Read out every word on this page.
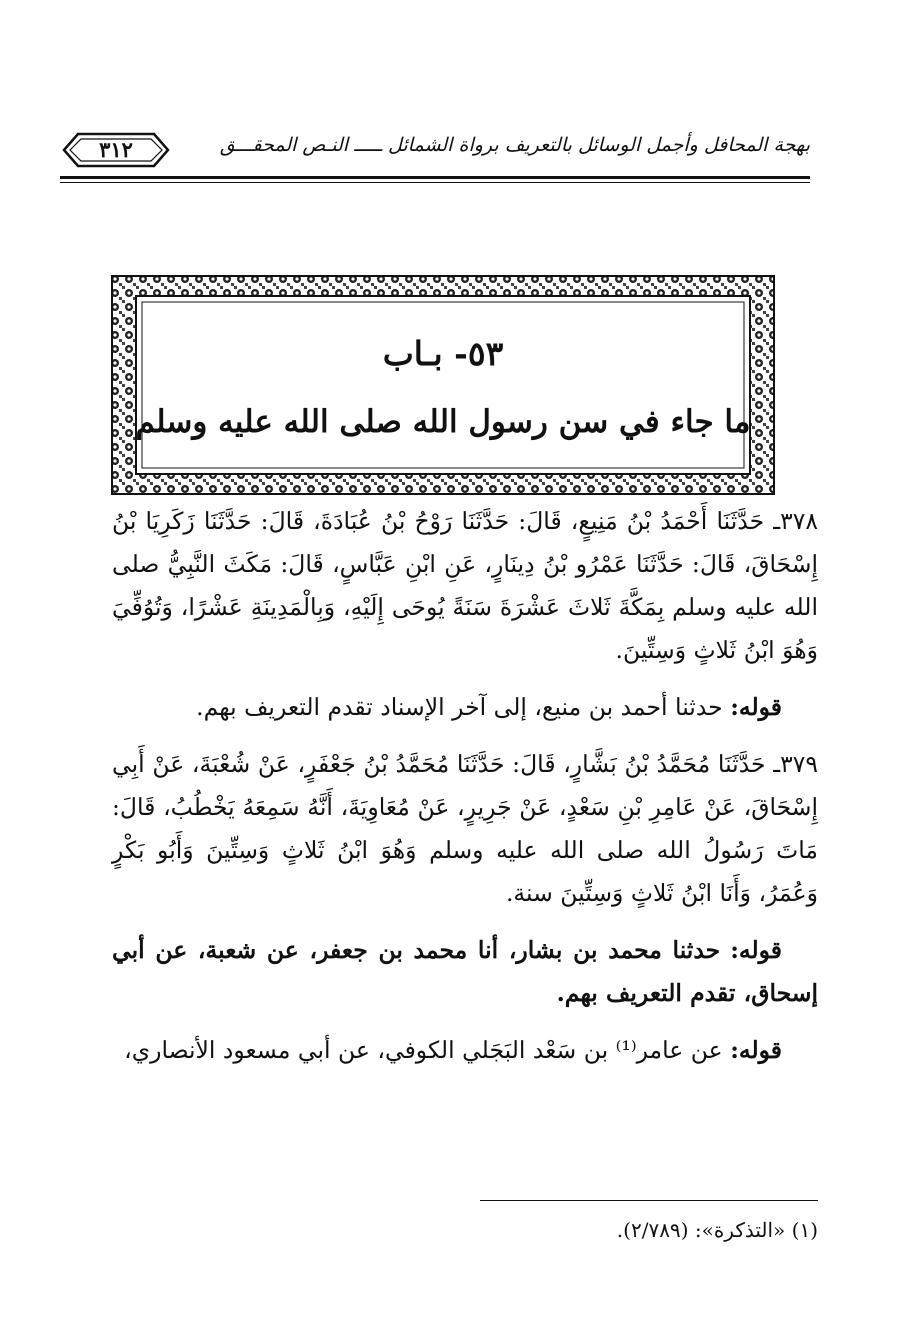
٣١٢	بهجة المحافل وأجمل الوسائل بالتعريف برواة الشمائل ـــــ النـص المحقـــق
٥٣- بـاب
ما جاء في سن رسول الله صلى الله عليه وسلم

٣٧٨ـ حَدَّثَنَا أَحْمَدُ بْنُ مَنِيعٍ، قَالَ: حَدَّثَنَا رَوْحُ بْنُ عُبَادَةَ، قَالَ: حَدَّثَنَا زَكَرِيَا بْنُ إِسْحَاقَ، قَالَ: حَدَّثَنَا عَمْرُو بْنُ دِينَارٍ، عَنِ ابْنِ عَبَّاسٍ، قَالَ: مَكَثَ النَّبِيُّ صلى الله عليه وسلم بِمَكَّةَ ثَلاثَ عَشْرَةَ سَنَةً يُوحَى إِلَيْهِ، وَبِالْمَدِينَةِ عَشْرًا، وَتُوُفِّيَ وَهُوَ ابْنُ ثَلاثٍ وَسِتِّينَ.

قوله: حدثنا أحمد بن منيع، إلى آخر الإسناد تقدم التعريف بهم.

٣٧٩ـ حَدَّثَنَا مُحَمَّدُ بْنُ بَشَّارٍ، قَالَ: حَدَّثَنَا مُحَمَّدُ بْنُ جَعْفَرٍ، عَنْ شُعْبَةَ، عَنْ أَبِي إِسْحَاقَ، عَنْ عَامِرِ بْنِ سَعْدٍ، عَنْ جَرِيرٍ، عَنْ مُعَاوِيَةَ، أَنَّهُ سَمِعَهُ يَخْطُبُ، قَالَ: مَاتَ رَسُولُ الله صلى الله عليه وسلم وَهُوَ ابْنُ ثَلاثٍ وَسِتِّينَ وَأَبُو بَكْرٍ وَعُمَرُ، وَأَنَا ابْنُ ثَلاثٍ وَسِتِّينَ سنة.

قوله: حدثنا محمد بن بشار، أنا محمد بن جعفر، عن شعبة، عن أبي إسحاق، تقدم التعريف بهم.

قوله: عن عامر⁽¹⁾ بن سَعْد البَجَلي الكوفي، عن أبي مسعود الأنصاري،

(١) «التذكرة»: (٢/٧٨٩).
